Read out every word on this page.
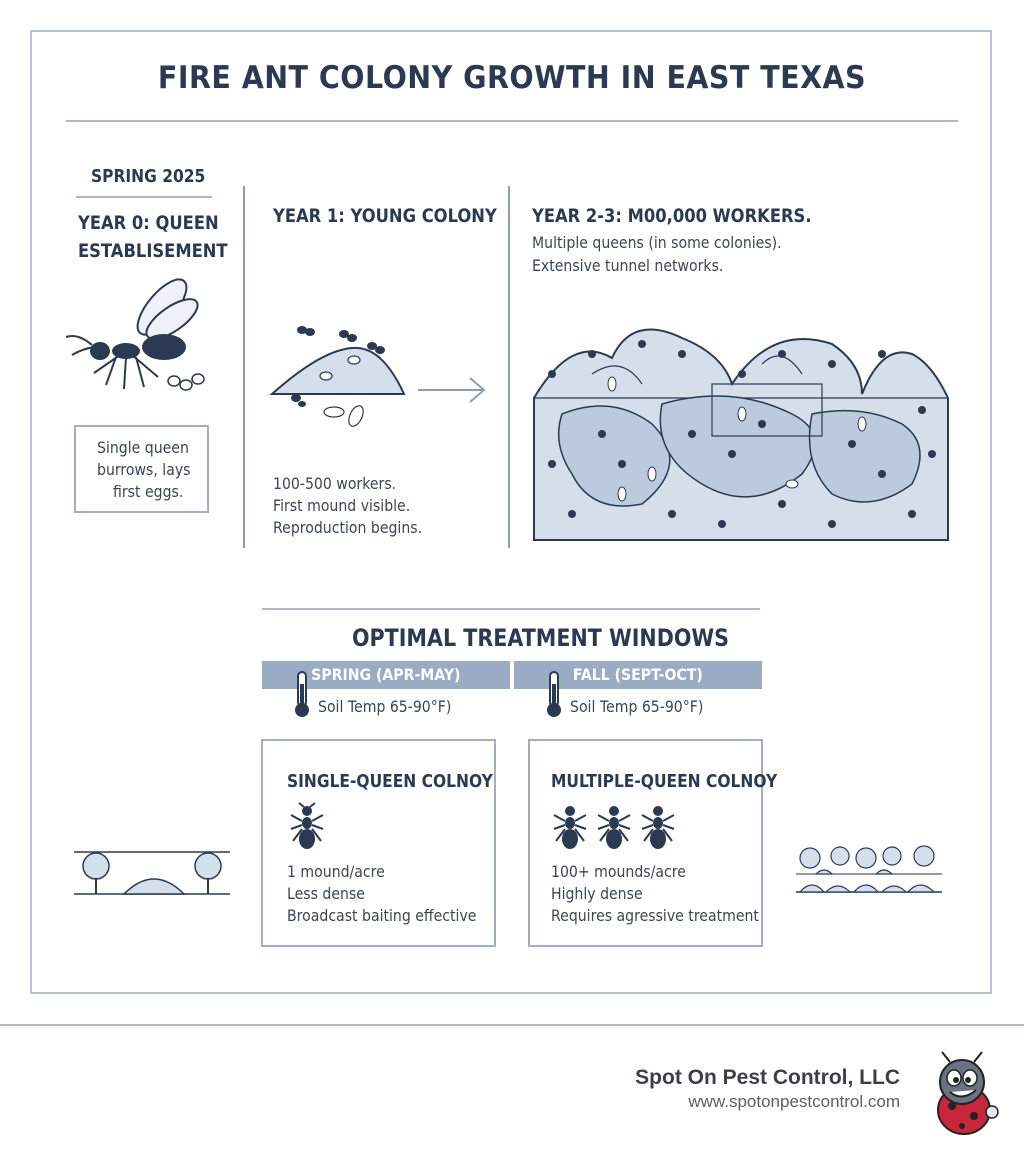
FIRE ANT COLONY GROWTH IN EAST TEXAS
SPRING 2025
YEAR 0: QUEEN
ESTABLISEMENT
Single queen
burrows, lays
first eggs.
YEAR 1: YOUNG COLONY
100-500 workers.
First mound visible.
Reproduction begins.
YEAR 2-3: M00,000 WORKERS.
Multiple queens (in some colonies).
Extensive tunnel networks.
OPTIMAL TREATMENT WINDOWS
SPRING (APR-MAY)	FALL (SEPT-OCT)
Soil Temp 65-90°F)	Soil Temp 65-90°F)
SINGLE-QUEEN COLNOY
1 mound/acre
Less dense
Broadcast baiting effective
MULTIPLE-QUEEN COLNOY
100+ mounds/acre
Highly dense
Requires agressive treatment
Spot On Pest Control, LLC
www.spotonpestcontrol.com
